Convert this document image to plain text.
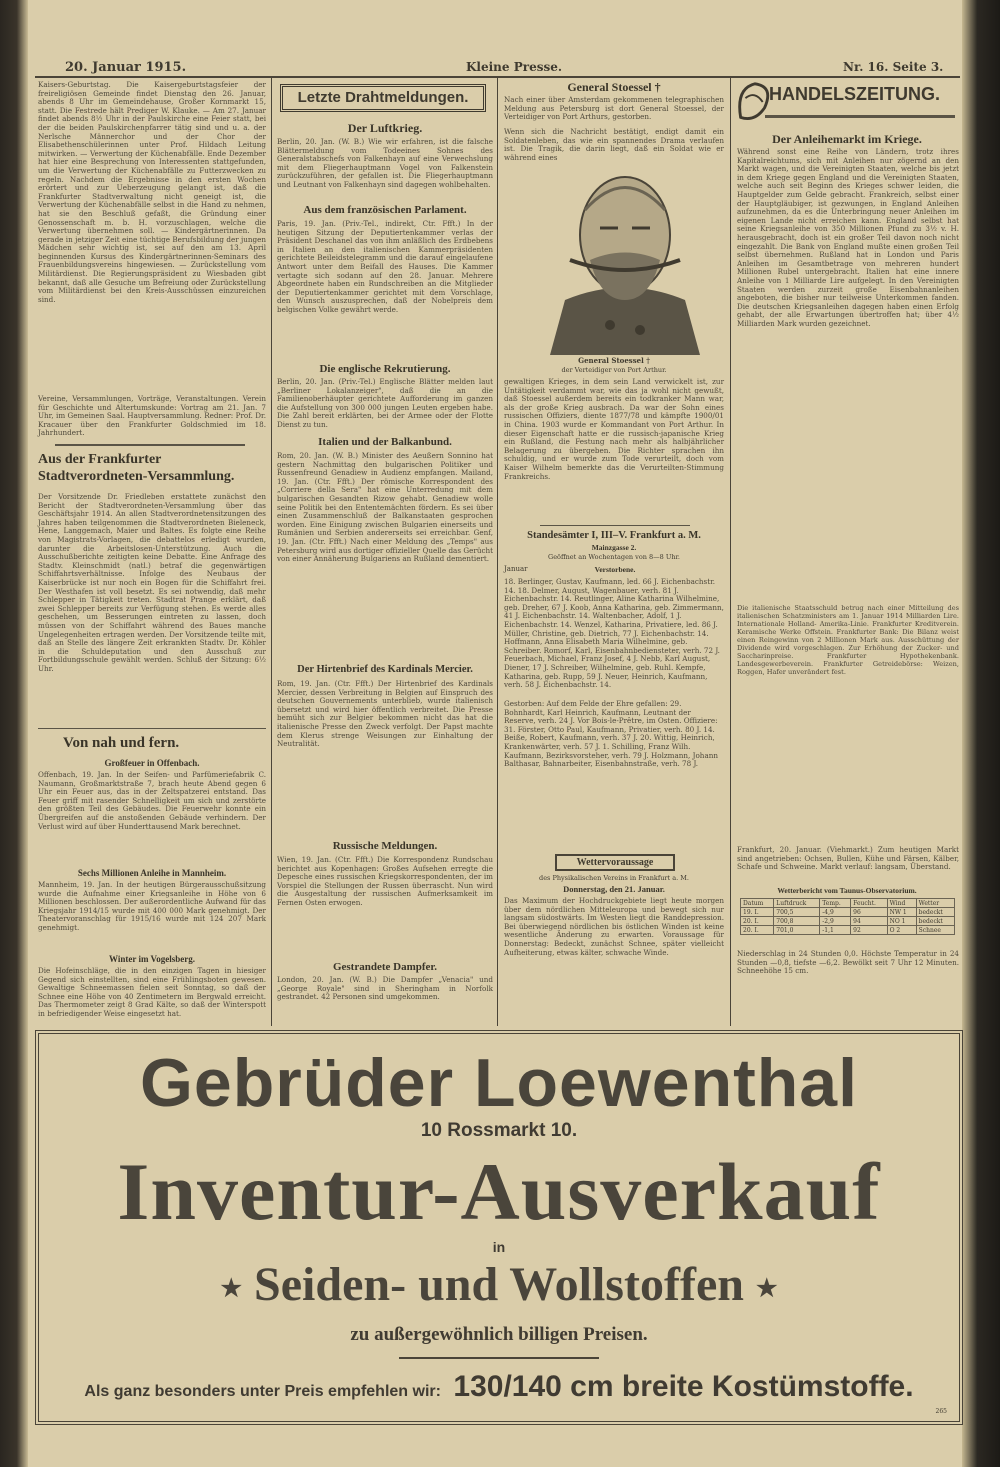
20. Januar 1915.	Kleine Presse.	Nr. 16. Seite 3.
Kaisers-Geburtstag. Die Kaisergeburtstagsfeier der freireligiösen Gemeinde findet Dienstag den 26. Januar, abends 8 Uhr im Gemeindehause, Großer Kornmarkt 15, statt. Die Festrede hält Prediger W. Klauke. — Am 27. Januar findet abends 8½ Uhr in der Paulskirche eine Feier statt, bei der die beiden Paulskirchenpfarrer tätig sind und u. a. der Nerlsche Männerchor und der Chor der Elisabethenschülerinnen unter Prof. Hildach Leitung mitwirken. — Verwertung der Küchenabfälle. Ende Dezember hat hier eine Besprechung von Interessenten stattgefunden, um die Verwertung der Küchenabfälle zu Futterzwecken zu regeln. Nachdem die Ergebnisse in den ersten Wochen erörtert und zur Ueberzeugung gelangt ist, daß die Frankfurter Stadtverwaltung nicht geneigt ist, die Verwertung der Küchenabfälle selbst in die Hand zu nehmen, hat sie den Beschluß gefaßt, die Gründung einer Genossenschaft m. b. H. vorzuschlagen, welche die Verwertung übernehmen soll. — Kindergärtnerinnen. Da gerade in jetziger Zeit eine tüchtige Berufsbildung der jungen Mädchen sehr wichtig ist, sei auf den am 13. April beginnenden Kursus des Kindergärtnerinnen-Seminars des Frauenbildungsvereins hingewiesen. — Zurückstellung vom Militärdienst. Die Regierungspräsident zu Wiesbaden gibt bekannt, daß alle Gesuche um Befreiung oder Zurückstellung vom Militärdienst bei den Kreis-Ausschüssen einzureichen sind.
Vereine, Versammlungen, Vorträge, Veranstaltungen. Verein für Geschichte und Altertumskunde: Vortrag am 21. Jan. 7 Uhr, im Gemeinen Saal. Hauptversammlung. Redner: Prof. Dr. Kracauer über den Frankfurter Goldschmied im 18. Jahrhundert.
Aus der Frankfurter Stadtverordneten-Versammlung.
Der Vorsitzende Dr. Friedleben erstattete zunächst den Bericht der Stadtverordneten-Versammlung über das Geschäftsjahr 1914. An allen Stadtverordnetensitzungen des Jahres haben teilgenommen die Stadtverordneten Bieleneck, Hene, Langgemach, Maier und Baltes. Es folgte eine Reihe von Magistrats-Vorlagen, die debattelos erledigt wurden, darunter die Arbeitslosen-Unterstützung. Auch die Ausschußberichte zeitigten keine Debatte. Eine Anfrage des Stadtv. Kleinschmidt (natl.) betraf die gegenwärtigen Schiffahrtsverhältnisse. Infolge des Neubaus der Kaiserbrücke ist nur noch ein Bogen für die Schiffahrt frei. Der Westhafen ist voll besetzt. Es sei notwendig, daß mehr Schlepper in Tätigkeit treten. Stadtrat Prange erklärt, daß zwei Schlepper bereits zur Verfügung stehen. Es werde alles geschehen, um Besserungen eintreten zu lassen, doch müssen von der Schiffahrt während des Baues manche Ungelegenheiten ertragen werden. Der Vorsitzende teilte mit, daß an Stelle des längere Zeit erkrankten Stadtv. Dr. Köhler in die Schuldeputation und den Ausschuß zur Fortbildungsschule gewählt werden. Schluß der Sitzung: 6½ Uhr.
Von nah und fern.
Großfeuer in Offenbach.
Offenbach, 19. Jan. In der Seifen- und Parfümeriefabrik C. Naumann, Großmarktstraße 7, brach heute Abend gegen 6 Uhr ein Feuer aus, das in der Zeltspatzerei entstand. Das Feuer griff mit rasender Schnelligkeit um sich und zerstörte den größten Teil des Gebäudes. Die Feuerwehr konnte ein Übergreifen auf die anstoßenden Gebäude verhindern. Der Verlust wird auf über Hunderttausend Mark berechnet.
Sechs Millionen Anleihe in Mannheim.
Mannheim, 19. Jan. In der heutigen Bürgerausschußsitzung wurde die Aufnahme einer Kriegsanleihe in Höhe von 6 Millionen beschlossen. Der außerordentliche Aufwand für das Kriegsjahr 1914/15 wurde mit 400 000 Mark genehmigt. Der Theatervoranschlag für 1915/16 wurde mit 124 207 Mark genehmigt.
Winter im Vogelsberg.
Die Hofeinschläge, die in den einzigen Tagen in hiesiger Gegend sich einstellten, sind eine Frühlingsboten gewesen. Gewaltige Schneemassen fielen seit Sonntag, so daß der Schnee eine Höhe von 40 Zentimetern im Bergwald erreicht. Das Thermometer zeigt 8 Grad Kälte, so daß der Winterspott in befriedigender Weise eingesetzt hat.
Letzte Drahtmeldungen.
Der Luftkrieg.
Berlin, 20. Jan. (W. B.) Wie wir erfahren, ist die falsche Blättermeldung vom Todeeines Sohnes des Generalstabschefs von Falkenhayn auf eine Verwechslung mit dem Fliegerhauptmann Vogel von Falkenstein zurückzuführen, der gefallen ist. Die Fliegerhauptmann und Leutnant von Falkenhayn sind dagegen wohlbehalten.
Aus dem französischen Parlament.
Paris, 19. Jan. (Priv.-Tel., indirekt, Ctr. Ffft.) In der heutigen Sitzung der Deputiertenkammer verlas der Präsident Deschanel das von ihm anläßlich des Erdbebens in Italien an den italienischen Kammerpräsidenten gerichtete Beileidstelegramm und die darauf eingelaufene Antwort unter dem Beifall des Hauses. Die Kammer vertagte sich sodann auf den 28. Januar. Mehrere Abgeordnete haben ein Rundschreiben an die Mitglieder der Deputiertenkammer gerichtet mit dem Vorschlage, den Wunsch auszusprechen, daß der Nobelpreis dem belgischen Volke gewährt werde.
Die englische Rekrutierung.
Berlin, 20. Jan. (Priv.-Tel.) Englische Blätter melden laut „Berliner Lokalanzeiger", daß die an die Familienoberhäupter gerichtete Aufforderung im ganzen die Aufstellung von 300 000 jungen Leuten ergeben habe. Die Zahl bereit erklärten, bei der Armee oder der Flotte Dienst zu tun.
Italien und der Balkanbund.
Rom, 20. Jan. (W. B.) Minister des Aeußern Sonnino hat gestern Nachmittag den bulgarischen Politiker und Russenfreund Genadiew in Audienz empfangen. Mailand, 19. Jan. (Ctr. Ffft.) Der römische Korrespondent des „Corriere della Sera" hat eine Unterredung mit dem bulgarischen Gesandten Rizow gehabt. Genadiew wolle seine Politik bei den Ententemächten fördern. Es sei über einen Zusammenschluß der Balkanstaaten gesprochen worden. Eine Einigung zwischen Bulgarien einerseits und Rumänien und Serbien andererseits sei erreichbar. Genf, 19. Jan. (Ctr. Ffft.) Nach einer Meldung des „Temps" aus Petersburg wird aus dortiger offizieller Quelle das Gerücht von einer Annäherung Bulgariens an Rußland dementiert.
Der Hirtenbrief des Kardinals Mercier.
Rom, 19. Jan. (Ctr. Ffft.) Der Hirtenbrief des Kardinals Mercier, dessen Verbreitung in Belgien auf Einspruch des deutschen Gouvernements unterblieb, wurde italienisch übersetzt und wird hier öffentlich verbreitet. Die Presse bemüht sich zur Belgier bekommen nicht das hat die italienische Presse den Zweck verfolgt. Der Papst machte dem Klerus strenge Weisungen zur Einhaltung der Neutralität.
Russische Meldungen.
Wien, 19. Jan. (Ctr. Ffft.) Die Korrespondenz Rundschau berichtet aus Kopenhagen: Großes Aufsehen erregte die Depesche eines russischen Kriegskorrespondenten, der im Vorspiel die Stellungen der Russen überrascht. Nun wird die Ausgestaltung der russischen Aufmerksamkeit im Fernen Osten erwogen.
Gestrandete Dampfer.
London, 20. Jan. (W. B.) Die Dampfer „Venacia" und „George Royale" sind in Sheringham in Norfolk gestrandet. 42 Personen sind umgekommen.
General Stoessel †
Nach einer über Amsterdam gekommenen telegraphischen Meldung aus Petersburg ist dort General Stoessel, der Verteidiger von Port Arthurs, gestorben.
Wenn sich die Nachricht bestätigt, endigt damit ein Soldatenleben, das wie ein spannendes Drama verlaufen ist. Die Tragik, die darin liegt, daß ein Soldat wie er während eines
General Stoessel †
der Verteidiger von Port Arthur.
gewaltigen Krieges, in dem sein Land verwickelt ist, zur Untätigkeit verdammt war, wie das ja wohl nicht gewußt, daß Stoessel außerdem bereits ein todkranker Mann war, als der große Krieg ausbrach. Da war der Sohn eines russischen Offiziers, diente 1877/78 und kämpfte 1900/01 in China. 1903 wurde er Kommandant von Port Arthur. In dieser Eigenschaft hatte er die russisch-japanische Krieg ein Rußland, die Festung nach mehr als halbjährlicher Belagerung zu übergeben. Die Richter sprachen ihn schuldig, und er wurde zum Tode verurteilt, doch vom Kaiser Wilhelm bemerkte das die Verurteilten-Stimmung Frankreichs.
Standesämter I, III–V. Frankfurt a. M.
Mainzgasse 2.
Geöffnet an Wochentagen von 8—8 Uhr.
Januar	Verstorbene.
18. Berlinger, Gustav, Kaufmann, led. 66 J. Eichenbachstr. 14. 18. Delmer, August, Wagenbauer, verh. 81 J. Eichenbachstr. 14. Reutlinger, Aline Katharina Wilhelmine, geb. Dreher, 67 J. Koob, Anna Katharina, geb. Zimmermann, 41 J. Eichenbachstr. 14. Waltenbacher, Adolf, 1 J. Eichenbachstr. 14. Wenzel, Katharina, Privatiere, led. 86 J. Müller, Christine, geb. Dietrich, 77 J. Eichenbachstr. 14. Hoffmann, Anna Elisabeth Maria Wilhelmine, geb. Schreiber. Romorf, Karl, Eisenbahnbediensteter, verh. 72 J. Feuerbach, Michael, Franz Josef, 4 J. Nebb, Karl August, Diener, 17 J. Schreiber, Wilhelmine, geb. Ruhl. Kempfe, Katharina, geb. Rupp, 59 J. Neuer, Heinrich, Kaufmann, verh. 58 J. Eichenbachstr. 14.
Gestorben: Auf dem Felde der Ehre gefallen: 29. Bohnhardt, Karl Heinrich, Kaufmann, Leutnant der Reserve, verh. 24 J. Vor Bois-le-Prêtre, im Osten. Offiziere: 31. Förster, Otto Paul, Kaufmann, Privatier, verh. 80 J. 14. Beiße, Robert, Kaufmann, verh. 37 J. 20. Wittig, Heinrich, Krankenwärter, verh. 57 J. 1. Schilling, Franz Wilh. Kaufmann, Bezirksvorsteher, verh. 79 J. Holzmann, Johann Balthasar, Bahnarbeiter, Eisenbahnstraße, verh. 78 J.
Wettervoraussage
des Physikalischen Vereins in Frankfurt a. M.
Donnerstag, den 21. Januar.
Das Maximum der Hochdruckgebiete liegt heute morgen über dem nördlichen Mitteleuropa und bewegt sich nur langsam südostwärts. Im Westen liegt die Randdepression. Bei überwiegend nördlichen bis östlichen Winden ist keine wesentliche Änderung zu erwarten. Voraussage für Donnerstag: Bedeckt, zunächst Schnee, später vielleicht Aufheiterung, etwas kälter, schwache Winde.
HANDELSZEITUNG.
Der Anleihemarkt im Kriege.
Während sonst eine Reihe von Ländern, trotz ihres Kapitalreichtums, sich mit Anleihen nur zögernd an den Markt wagen, und die Vereinigten Staaten, welche bis jetzt in dem Kriege gegen England und die Vereinigten Staaten, welche auch seit Beginn des Krieges schwer leiden, die Hauptgelder zum Gelde gebracht. Frankreich, selbst einer der Hauptgläubiger, ist gezwungen, in England Anleihen aufzunehmen, da es die Unterbringung neuer Anleihen im eigenen Lande nicht erreichen kann. England selbst hat seine Kriegsanleihe von 350 Millionen Pfund zu 3½ v. H. herausgebracht, doch ist ein großer Teil davon noch nicht eingezahlt. Die Bank von England mußte einen großen Teil selbst übernehmen. Rußland hat in London und Paris Anleihen im Gesamtbetrage von mehreren hundert Millionen Rubel untergebracht. Italien hat eine innere Anleihe von 1 Milliarde Lire aufgelegt. In den Vereinigten Staaten werden zurzeit große Eisenbahnanleihen angeboten, die bisher nur teilweise Unterkommen fanden. Die deutschen Kriegsanleihen dagegen haben einen Erfolg gehabt, der alle Erwartungen übertroffen hat; über 4½ Milliarden Mark wurden gezeichnet.
Die italienische Staatsschuld betrug nach einer Mitteilung des italienischen Schatzministers am 1. Januar 1914 Milliarden Lire. Internationale Holland- Amerika-Linie. Frankfurter Kreditverein. Keramische Werke Offstein. Frankfurter Bank: Die Bilanz weist einen Reingewinn von 2 Millionen Mark aus. Ausschüttung der Dividende wird vorgeschlagen. Zur Erhöhung der Zucker- und Saccharinpreise. Frankfurter Hypothekenbank. Landesgewerbeverein. Frankfurter Getreidebörse: Weizen, Roggen, Hafer unverändert fest.
Frankfurt, 20. Januar. (Viehmarkt.) Zum heutigen Markt sind angetrieben: Ochsen, Bullen, Kühe und Färsen, Kälber, Schafe und Schweine. Markt verlauf: langsam, Überstand.
Wetterbericht vom Taunus-Observatorium.
Datum	Luftdruck	Temp.	Feucht.	Wind	Wetter
19. I.	700,5	-4,9	96	NW 1	bedeckt
20. I.	700,8	-2,9	94	NO 1	bedeckt
20. I.	701,0	-1,1	92	O 2	Schnee
Niederschlag in 24 Stunden 0,0. Höchste Temperatur in 24 Stunden —0,8, tiefste —6,2. Bewölkt seit 7 Uhr 12 Minuten. Schneehöhe 15 cm.
Gebrüder Loewenthal
10 Rossmarkt 10.
Inventur-Ausverkauf
in
★ Seiden- und Wollstoffen ★
zu außergewöhnlich billigen Preisen.
Als ganz besonders unter Preis empfehlen wir: 130/140 cm breite Kostümstoffe.
265
